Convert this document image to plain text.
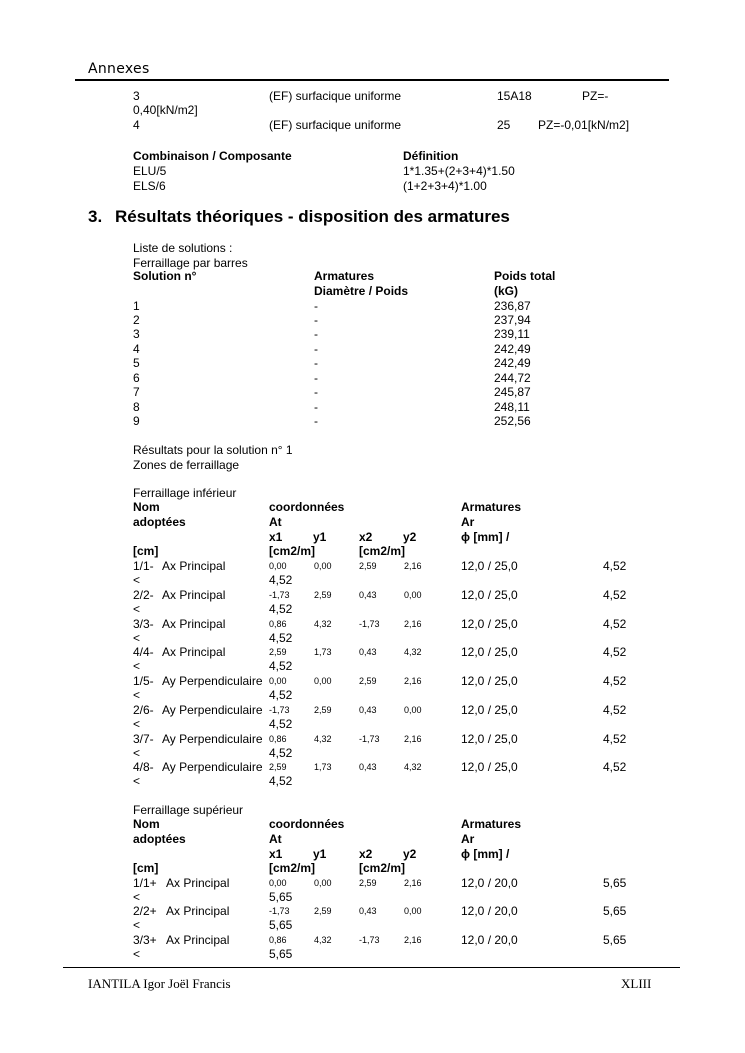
Annexes
3	(EF) surfacique uniforme	15A18	PZ=-
0,40[kN/m2]
4	(EF) surfacique uniforme	25 PZ=-0,01[kN/m2]
Combinaison / Composante	Définition
ELU/5	1*1.35+(2+3+4)*1.50
ELS/6	(1+2+3+4)*1.00
3. Résultats théoriques - disposition des armatures
Liste de solutions :
Ferraillage par barres
Solution n°	Armatures	Poids total
Diamètre / Poids	(kG)
1	-	236,87
2	-	237,94
3	-	239,11
4	-	242,49
5	-	242,49
6	-	244,72
7	-	245,87
8	-	248,11
9	-	252,56
Résultats pour la solution n° 1
Zones de ferraillage
Ferraillage inférieur
Nom	coordonnées	Armatures
adoptées	At	Ar
x1	y1	x2	y2	ϕ [mm] /
[cm]	[cm2/m]	[cm2/m]
1/1- Ax Principal	0,00	0,00	2,59	2,16	12,0 / 25,0	4,52
<	4,52
2/2- Ax Principal	-1,73	2,59	0,43	0,00	12,0 / 25,0	4,52
<	4,52
3/3- Ax Principal	0,86	4,32	-1,73	2,16	12,0 / 25,0	4,52
<	4,52
4/4- Ax Principal	2,59	1,73	0,43	4,32	12,0 / 25,0	4,52
<	4,52
1/5- Ay Perpendiculaire 0,00	0,00	2,59	2,16	12,0 / 25,0	4,52
<	4,52
2/6- Ay Perpendiculaire -1,73	2,59	0,43	0,00	12,0 / 25,0	4,52
<	4,52
3/7- Ay Perpendiculaire 0,86	4,32	-1,73	2,16	12,0 / 25,0	4,52
<	4,52
4/8- Ay Perpendiculaire 2,59	1,73	0,43	4,32	12,0 / 25,0	4,52
<	4,52
Ferraillage supérieur
Nom	coordonnées	Armatures
adoptées	At	Ar
x1	y1	x2	y2	ϕ [mm] /
[cm]	[cm2/m]	[cm2/m]
1/1+ Ax Principal	0,00	0,00	2,59	2,16	12,0 / 20,0	5,65
<	5,65
2/2+ Ax Principal	-1,73	2,59	0,43	0,00	12,0 / 20,0	5,65
<	5,65
3/3+ Ax Principal	0,86	4,32	-1,73	2,16	12,0 / 20,0	5,65
<	5,65
IANTILA Igor Joël Francis	XLIII
